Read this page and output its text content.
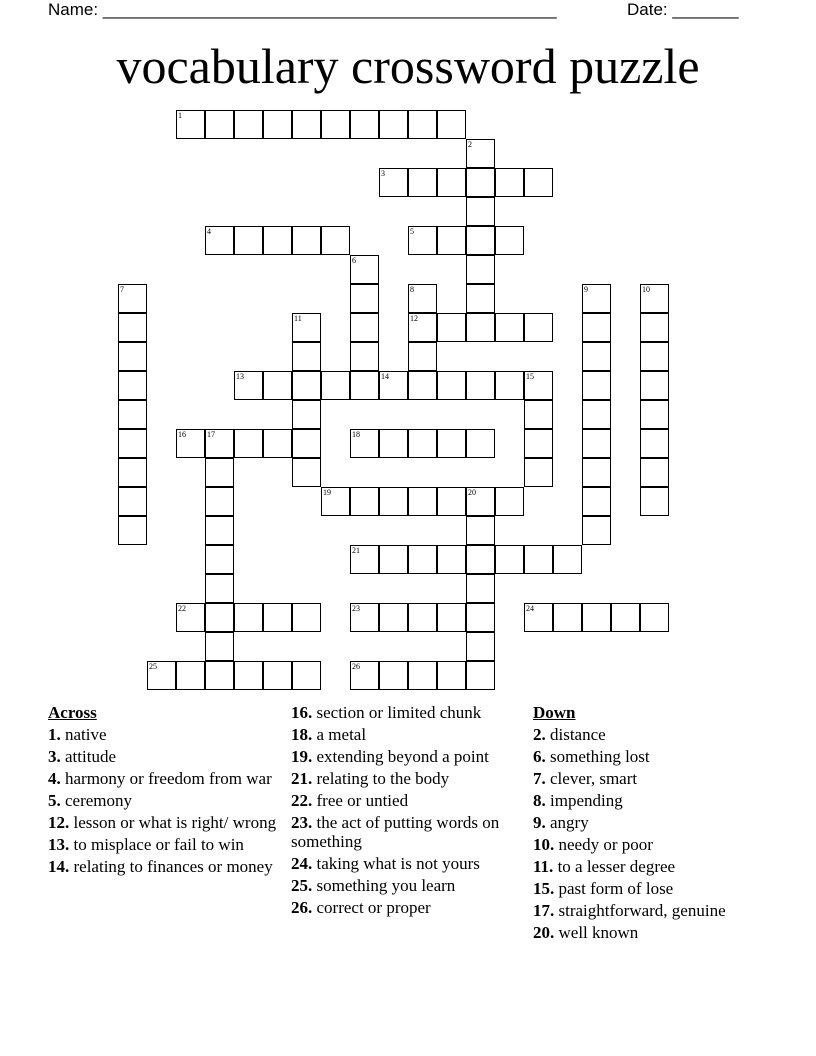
Name: ________________________________________________	Date: _______
vocabulary crossword puzzle
1
2
3
4	5
6
7	8
12
9	10
11
13	14	15
16	17	18
19	20
21
22	23	24
25	26
Across
1. native
3. attitude
4. harmony or freedom from war
5. ceremony
12. lesson or what is right/ wrong
13. to misplace or fail to win
14. relating to finances or money
16. section or limited chunk
18. a metal
19. extending beyond a point
21. relating to the body
22. free or untied
23. the act of putting words on something
24. taking what is not yours
25. something you learn
26. correct or proper
Down
2. distance
6. something lost
7. clever, smart
8. impending
9. angry
10. needy or poor
11. to a lesser degree
15. past form of lose
17. straightforward, genuine
20. well known
